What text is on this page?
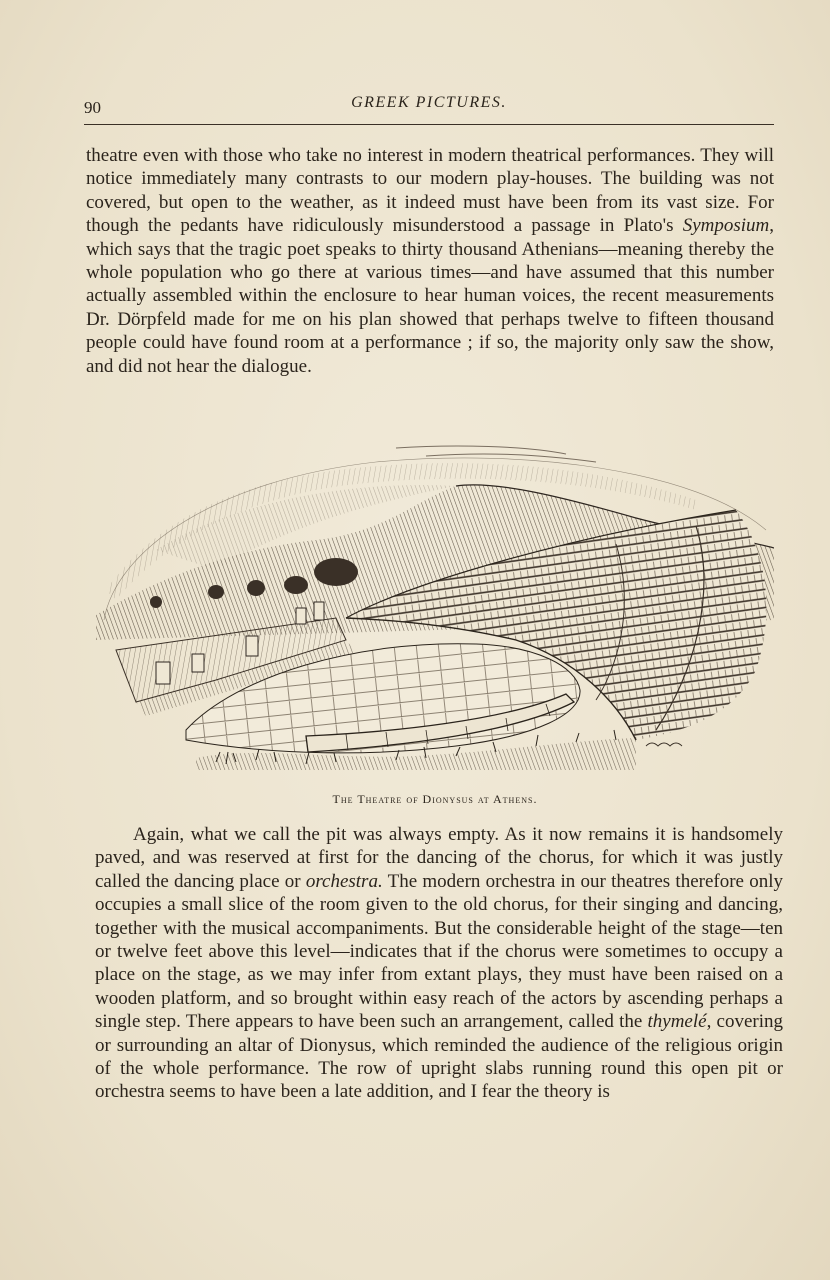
90	GREEK PICTURES.

theatre even with those who take no interest in modern theatrical performances. They will notice immediately many contrasts to our modern play-houses. The building was not covered, but open to the weather, as it indeed must have been from its vast size. For though the pedants have ridiculously misunderstood a passage in Plato's Symposium, which says that the tragic poet speaks to thirty thousand Athenians—meaning thereby the whole population who go there at various times—and have assumed that this number actually assembled within the enclosure to hear human voices, the recent measurements Dr. Dörpfeld made for me on his plan showed that perhaps twelve to fifteen thousand people could have found room at a performance ; if so, the majority only saw the show, and did not hear the dialogue.

The Theatre of Dionysus at Athens.

Again, what we call the pit was always empty. As it now remains it is handsomely paved, and was reserved at first for the dancing of the chorus, for which it was justly called the dancing place or orchestra. The modern orchestra in our theatres therefore only occupies a small slice of the room given to the old chorus, for their singing and dancing, together with the musical accompaniments. But the considerable height of the stage—ten or twelve feet above this level—indicates that if the chorus were sometimes to occupy a place on the stage, as we may infer from extant plays, they must have been raised on a wooden platform, and so brought within easy reach of the actors by ascending perhaps a single step. There appears to have been such an arrangement, called the thymelé, covering or surrounding an altar of Dionysus, which reminded the audience of the religious origin of the whole performance. The row of upright slabs running round this open pit or orchestra seems to have been a late addition, and I fear the theory is
